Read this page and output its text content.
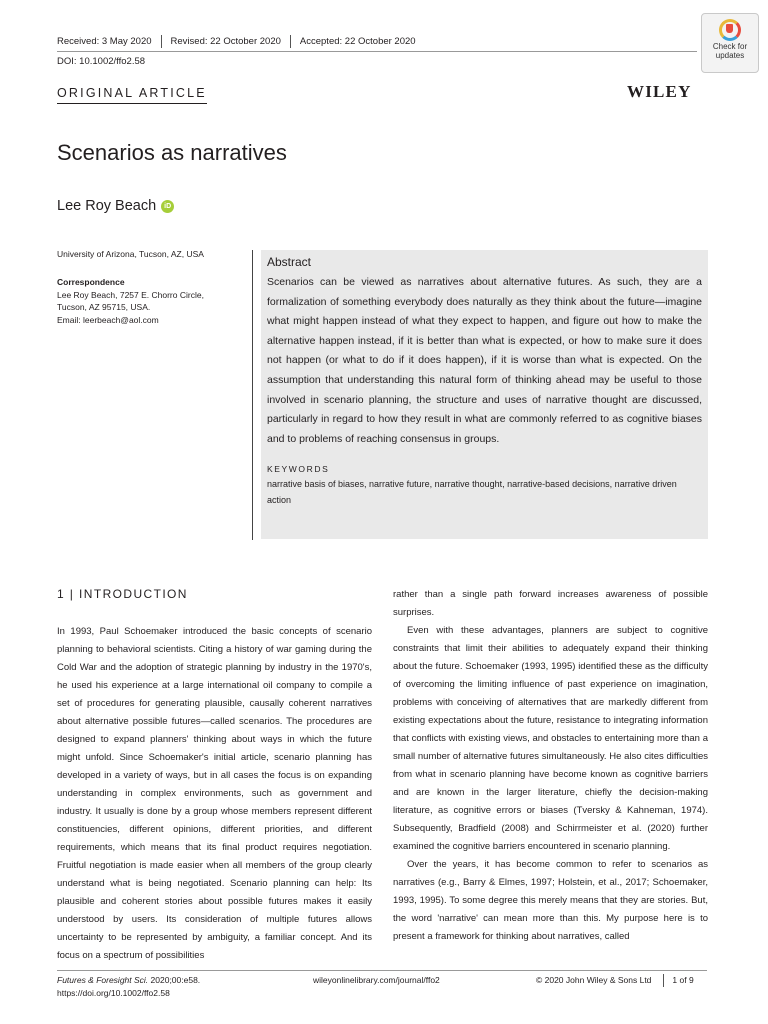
Received: 3 May 2020	Revised: 22 October 2020	Accepted: 22 October 2020
DOI: 10.1002/ffo2.58
Check for
updates
ORIGINAL ARTICLE	WILEY
Scenarios as narratives
Lee Roy Beach	iD
University of Arizona, Tucson, AZ, USA
Correspondence
Lee Roy Beach, 7257 E. Chorro Circle,
Tucson, AZ 95715, USA.
Email: leerbeach@aol.com
Abstract

Scenarios can be viewed as narratives about alternative futures. As such, they are a formalization of something everybody does naturally as they think about the future—imagine what might happen instead of what they expect to happen, and figure out how to make the alternative happen instead, if it is better than what is expected, or how to make sure it does not happen (or what to do if it does happen), if it is worse than what is expected. On the assumption that understanding this natural form of thinking ahead may be useful to those involved in scenario planning, the structure and uses of narrative thought are discussed, particularly in regard to how they result in what are commonly referred to as cognitive biases and to problems of reaching consensus in groups.

KEYWORDS
narrative basis of biases, narrative future, narrative thought, narrative-based decisions, narrative driven action
1 | INTRODUCTION

In 1993, Paul Schoemaker introduced the basic concepts of scenario planning to behavioral scientists. Citing a history of war gaming during the Cold War and the adoption of strategic planning by industry in the 1970's, he used his experience at a large international oil company to compile a set of procedures for generating plausible, causally coherent narratives about alternative possible futures—called scenarios. The procedures are designed to expand planners' thinking about ways in which the future might unfold. Since Schoemaker's initial article, scenario planning has developed in a variety of ways, but in all cases the focus is on expanding understanding in complex environments, such as government and industry. It usually is done by a group whose members represent different constituencies, different opinions, different priorities, and different requirements, which means that its final product requires negotiation. Fruitful negotiation is made easier when all members of the group clearly understand what is being negotiated. Scenario planning can help: Its plausible and coherent stories about possible futures makes it easily understood by users. Its consideration of multiple futures allows uncertainty to be represented by ambiguity, a familiar concept. And its focus on a spectrum of possibilities

rather than a single path forward increases awareness of possible surprises.

Even with these advantages, planners are subject to cognitive constraints that limit their abilities to adequately expand their thinking about the future. Schoemaker (1993, 1995) identified these as the difficulty of overcoming the limiting influence of past experience on imagination, problems with conceiving of alternatives that are markedly different from existing expectations about the future, resistance to integrating information that conflicts with existing views, and obstacles to entertaining more than a small number of alternative futures simultaneously. He also cites difficulties from what in scenario planning have become known as cognitive barriers and are known in the larger literature, chiefly the decision-making literature, as cognitive errors or biases (Tversky & Kahneman, 1974). Subsequently, Bradfield (2008) and Schirrmeister et al. (2020) further examined the cognitive barriers encountered in scenario planning.

Over the years, it has become common to refer to scenarios as narratives (e.g., Barry & Elmes, 1997; Holstein, et al., 2017; Schoemaker, 1993, 1995). To some degree this merely means that they are stories. But, the word 'narrative' can mean more than this. My purpose here is to present a framework for thinking about narratives, called

Futures & Foresight Sci. 2020;00:e58.
https://doi.org/10.1002/ffo2.58
wileyonlinelibrary.com/journal/ffo2	© 2020 John Wiley & Sons Ltd	1 of 9
